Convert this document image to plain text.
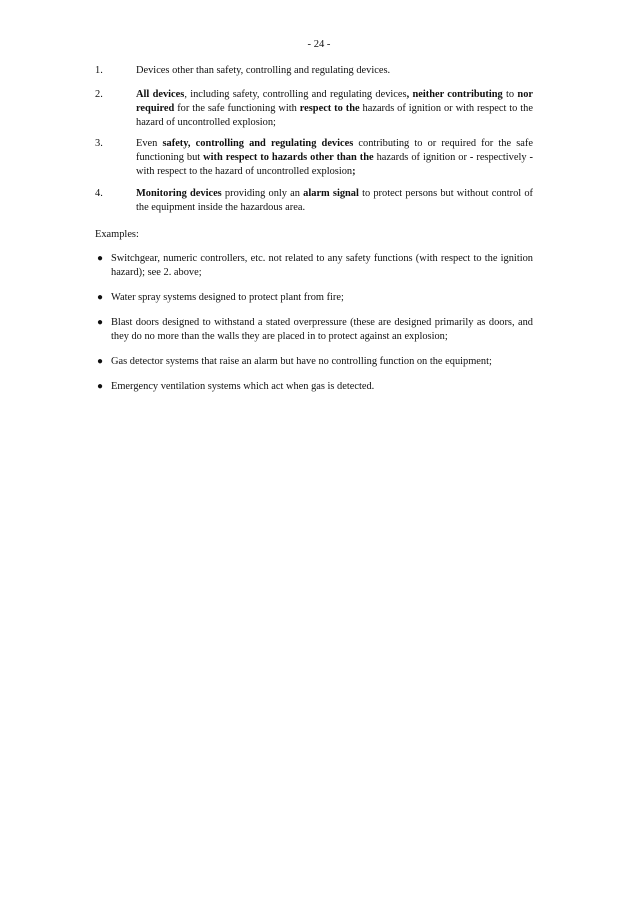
- 24 -
1.	Devices other than safety, controlling and regulating devices.
2.	All devices, including safety, controlling and regulating devices, neither contributing to nor required for the safe functioning with respect to the hazards of ignition or with respect to the hazard of uncontrolled explosion;
3.	Even safety, controlling and regulating devices contributing to or required for the safe functioning but with respect to hazards other than the hazards of ignition or - respectively - with respect to the hazard of uncontrolled explosion;
4.	Monitoring devices providing only an alarm signal to protect persons but without control of the equipment inside the hazardous area.
Examples:
● Switchgear, numeric controllers, etc. not related to any safety functions (with respect to the ignition hazard); see 2. above;
● Water spray systems designed to protect plant from fire;
● Blast doors designed to withstand a stated overpressure (these are designed primarily as doors, and they do no more than the walls they are placed in to protect against an explosion;
● Gas detector systems that raise an alarm but have no controlling function on the equipment;
● Emergency ventilation systems which act when gas is detected.
